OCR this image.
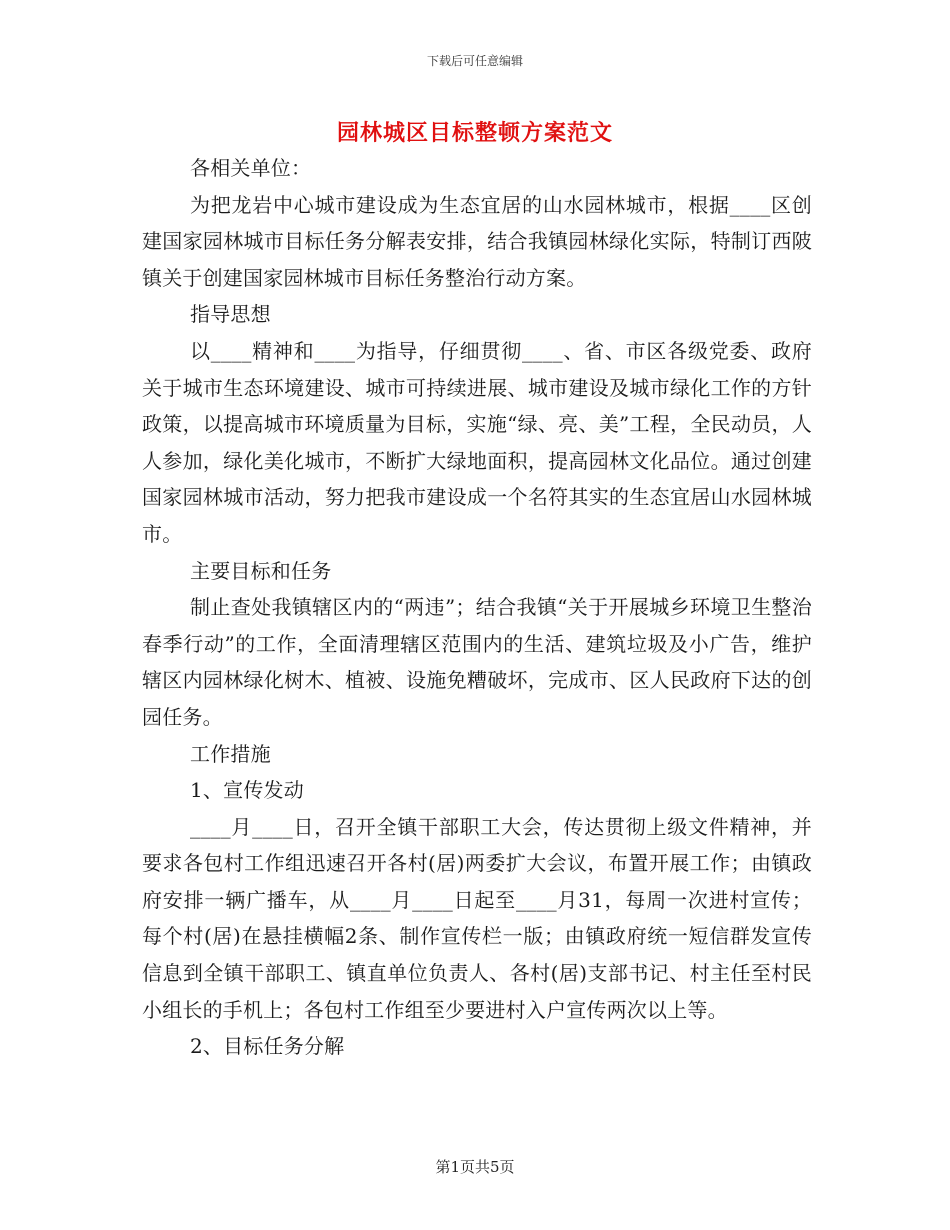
下载后可任意编辑
园林城区目标整顿方案范文

各相关单位：

为把龙岩中心城市建设成为生态宜居的山水园林城市，根据____区创建国家园林城市目标任务分解表安排，结合我镇园林绿化实际，特制订西陂镇关于创建国家园林城市目标任务整治行动方案。

指导思想

以____精神和____为指导，仔细贯彻____、省、市区各级党委、政府关于城市生态环境建设、城市可持续进展、城市建设及城市绿化工作的方针政策，以提高城市环境质量为目标，实施“绿、亮、美”工程，全民动员，人人参加，绿化美化城市，不断扩大绿地面积，提高园林文化品位。通过创建国家园林城市活动，努力把我市建设成一个名符其实的生态宜居山水园林城市。

主要目标和任务

制止查处我镇辖区内的“两违”；结合我镇“关于开展城乡环境卫生整治春季行动”的工作，全面清理辖区范围内的生活、建筑垃圾及小广告，维护辖区内园林绿化树木、植被、设施免糟破坏，完成市、区人民政府下达的创园任务。

工作措施

1、宣传发动

____月____日，召开全镇干部职工大会，传达贯彻上级文件精神，并要求各包村工作组迅速召开各村(居)两委扩大会议，布置开展工作；由镇政府安排一辆广播车，从____月____日起至____月31，每周一次进村宣传；每个村(居)在悬挂横幅2条、制作宣传栏一版；由镇政府统一短信群发宣传信息到全镇干部职工、镇直单位负责人、各村(居)支部书记、村主任至村民小组长的手机上；各包村工作组至少要进村入户宣传两次以上等。

2、目标任务分解

第1页共5页
